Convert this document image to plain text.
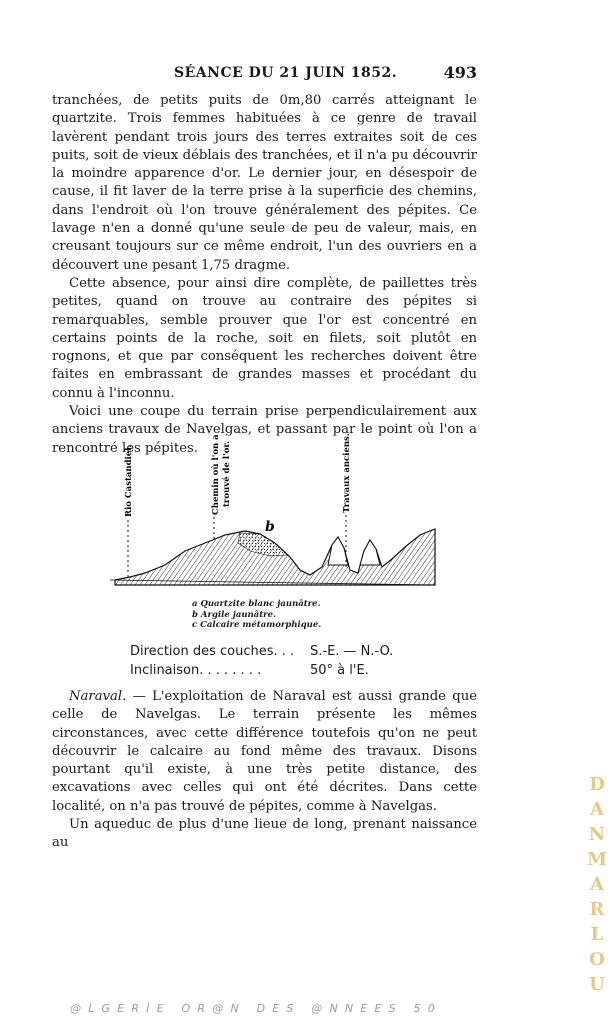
SÉANCE DU 21 JUIN 1852.	493

tranchées, de petits puits de 0m,80 carrés atteignant le quartzite. Trois femmes habituées à ce genre de travail lavèrent pendant trois jours des terres extraites soit de ces puits, soit de vieux déblais des tranchées, et il n'a pu découvrir la moindre apparence d'or. Le dernier jour, en désespoir de cause, il fit laver de la terre prise à la superficie des chemins, dans l'endroit où l'on trouve généralement des pépites. Ce lavage n'en a donné qu'une seule de peu de valeur, mais, en creusant toujours sur ce même endroit, l'un des ouvriers en a découvert une pesant 1,75 dragme.

Cette absence, pour ainsi dire complète, de paillettes très petites, quand on trouve au contraire des pépites si remarquables, semble prouver que l'or est concentré en certains points de la roche, soit en filets, soit plutôt en rognons, et que par conséquent les recherches doivent être faites en embrassant de grandes masses et procédant du connu à l'inconnu.

Voici une coupe du terrain prise perpendiculairement aux anciens travaux de Navelgas, et passant par le point où l'on a rencontré les pépites.

Rio Castandiel.	Chemin où l'on a trouvé de l'or.	Travaux anciens.
b
a Quartzite blanc jaunâtre.
b Argile jaunâtre.
c Calcaire métamorphique.
Direction des couches. . . S.-E. — N.-O.
Inclinaison. . . . . . . .	50° à l'E.

Naraval. — L'exploitation de Naraval est aussi grande que celle de Navelgas. Le terrain présente les mêmes circonstances, avec cette différence toutefois qu'on ne peut découvrir le calcaire au fond même des travaux. Disons pourtant qu'il existe, à une très petite distance, des excavations avec celles qui ont été décrites. Dans cette localité, on n'a pas trouvé de pépites, comme à Navelgas.

Un aqueduc de plus d'une lieue de long, prenant naissance au

DANMARLOU
@LGERIE OR@N DES @NNEES 50
